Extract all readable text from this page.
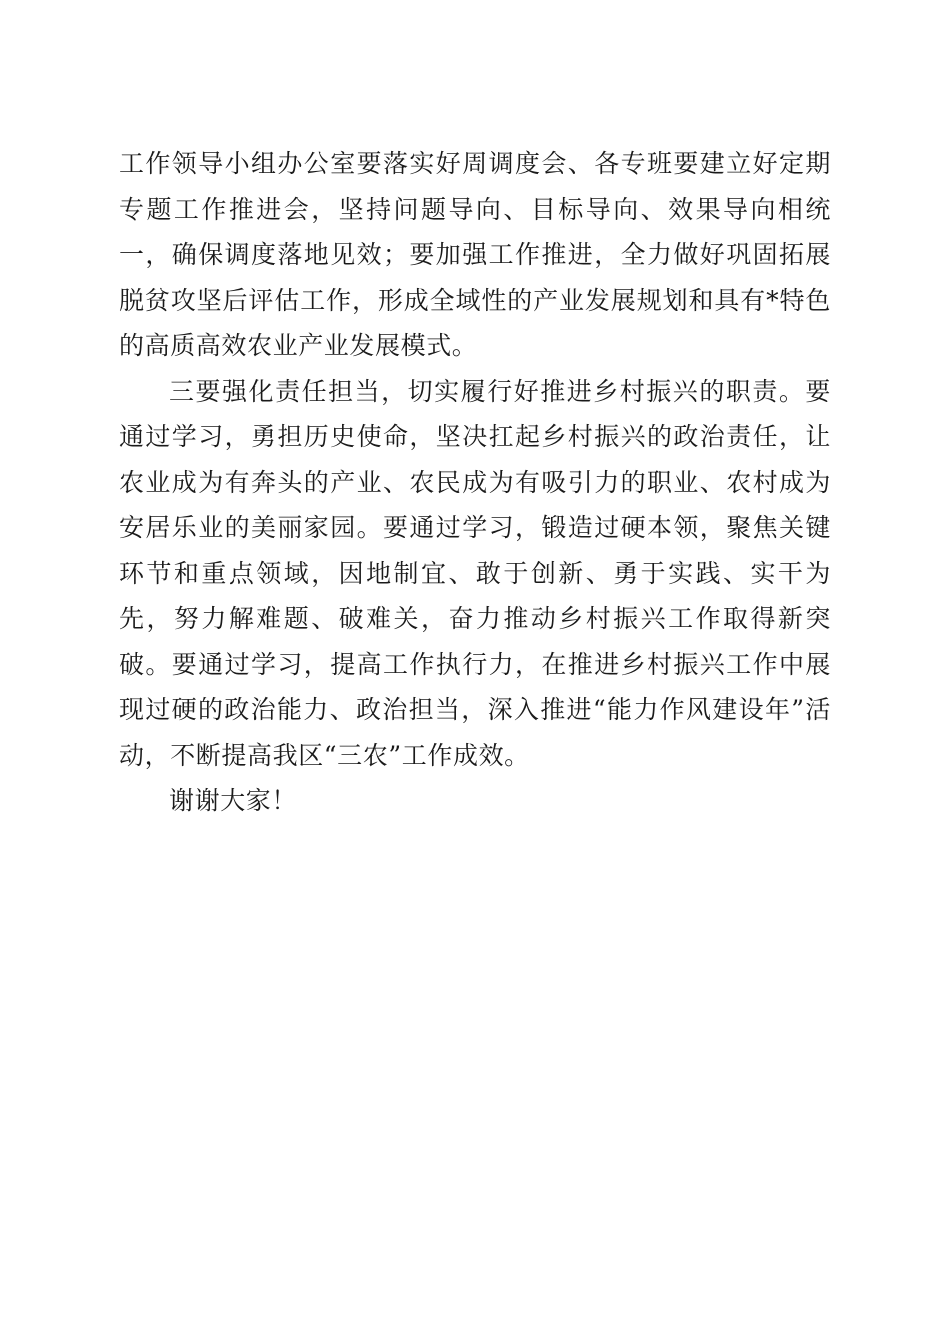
工作领导小组办公室要落实好周调度会、各专班要建立好定期专题工作推进会，坚持问题导向、目标导向、效果导向相统一，确保调度落地见效；要加强工作推进，全力做好巩固拓展脱贫攻坚后评估工作，形成全域性的产业发展规划和具有*特色的高质高效农业产业发展模式。

三要强化责任担当，切实履行好推进乡村振兴的职责。要通过学习，勇担历史使命，坚决扛起乡村振兴的政治责任，让农业成为有奔头的产业、农民成为有吸引力的职业、农村成为安居乐业的美丽家园。要通过学习，锻造过硬本领，聚焦关键环节和重点领域，因地制宜、敢于创新、勇于实践、实干为先，努力解难题、破难关，奋力推动乡村振兴工作取得新突破。要通过学习，提高工作执行力，在推进乡村振兴工作中展现过硬的政治能力、政治担当，深入推进“能力作风建设年”活动，不断提高我区“三农”工作成效。

谢谢大家！
